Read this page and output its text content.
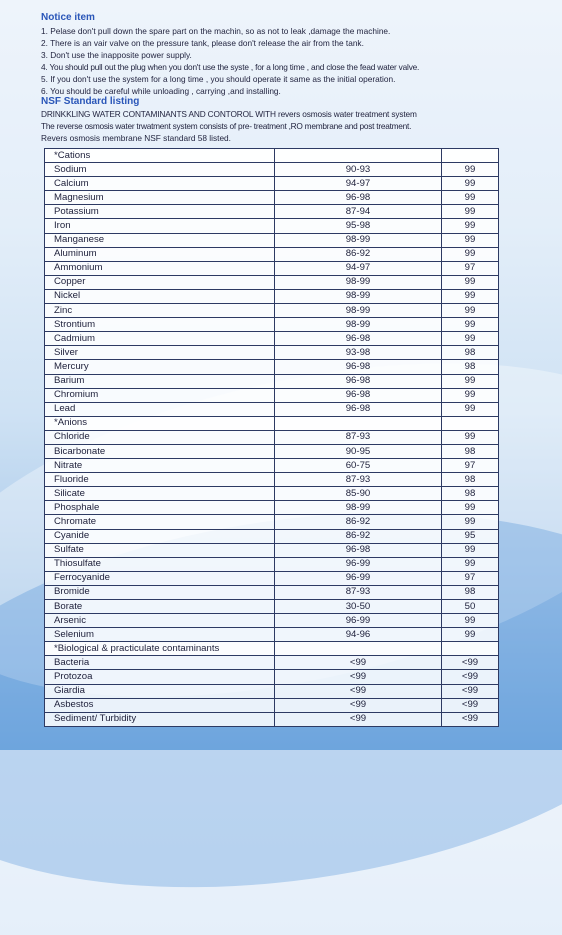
Notice item
1. Pelase don't pull down the spare part on the machin, so as not to leak ,damage the machine.
2. There is an vair valve on the pressure tank, please don't release the air from the tank.
3. Don't use the inapposite power supply.
4. You should pull out the plug when you don't use the syste , for a long time , and close the fead water valve.
5. If you don't use the system for a long time , you should operate it same as the initial operation.
6. You should be careful while unloading , carrying ,and installing.
NSF Standard listing
DRINKKLING WATER CONTAMINANTS AND CONTOROL WITH revers osmosis water treatment system
The reverse osmosis water trwatment system consists of pre- treatment ,RO membrane and post treatment.
Revers osmosis membrane NSF standard 58 listed.
*Cations		
Sodium	90-93	99
Calcium	94-97	99
Magnesium	96-98	99
Potassium	87-94	99
Iron	95-98	99
Manganese	98-99	99
Aluminum	86-92	99
Ammonium	94-97	97
Copper	98-99	99
Nickel	98-99	99
Zinc	98-99	99
Strontium	98-99	99
Cadmium	96-98	99
Silver	93-98	98
Mercury	96-98	98
Barium	96-98	99
Chromium	96-98	99
Lead	96-98	99
*Anions		
Chloride	87-93	99
Bicarbonate	90-95	98
Nitrate	60-75	97
Fluoride	87-93	98
Silicate	85-90	98
Phosphale	98-99	99
Chromate	86-92	99
Cyanide	86-92	95
Sulfate	96-98	99
Thiosulfate	96-99	99
Ferrocyanide	96-99	97
Bromide	87-93	98
Borate	30-50	50
Arsenic	96-99	99
Selenium	94-96	99
*Biological & practiculate contaminants		
Bacteria	<99	<99
Protozoa	<99	<99
Giardia	<99	<99
Asbestos	<99	<99
Sediment/ Turbidity	<99	<99
